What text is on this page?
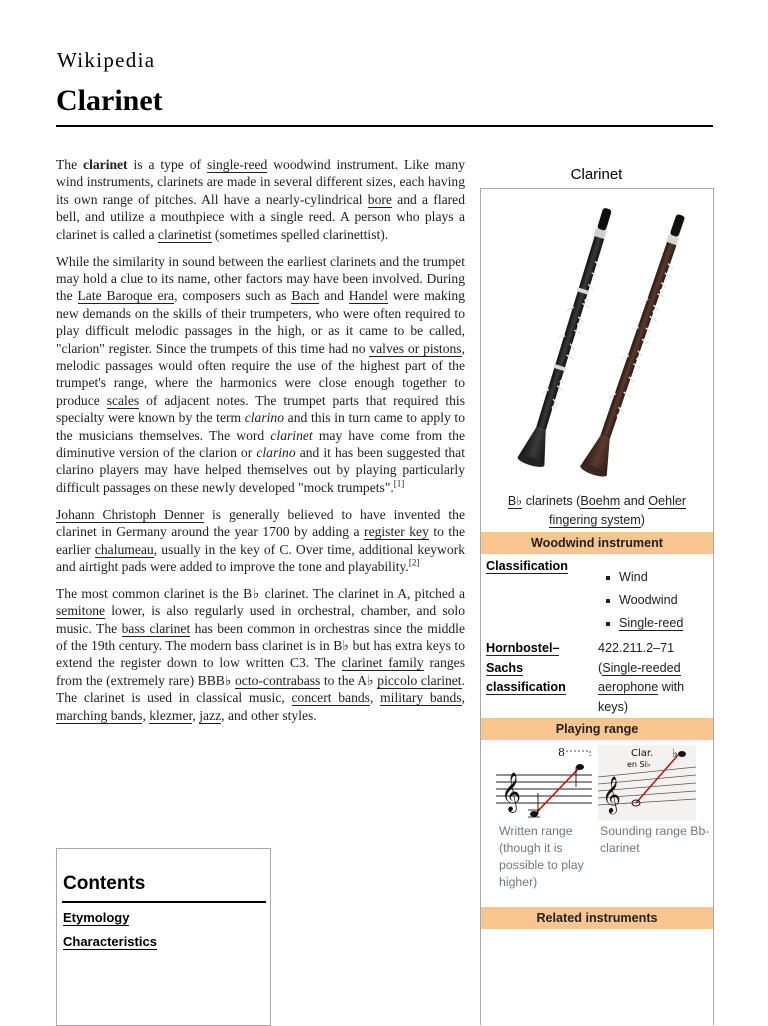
Wikipedia
Clarinet

The clarinet is a type of single-reed woodwind instrument. Like many wind instruments, clarinets are made in several different sizes, each having its own range of pitches. All have a nearly-cylindrical bore and a flared bell, and utilize a mouthpiece with a single reed. A person who plays a clarinet is called a clarinetist (sometimes spelled clarinettist).

While the similarity in sound between the earliest clarinets and the trumpet may hold a clue to its name, other factors may have been involved. During the Late Baroque era, composers such as Bach and Handel were making new demands on the skills of their trumpeters, who were often required to play difficult melodic passages in the high, or as it came to be called, "clarion" register. Since the trumpets of this time had no valves or pistons, melodic passages would often require the use of the highest part of the trumpet's range, where the harmonics were close enough together to produce scales of adjacent notes. The trumpet parts that required this specialty were known by the term clarino and this in turn came to apply to the musicians themselves. The word clarinet may have come from the diminutive version of the clarion or clarino and it has been suggested that clarino players may have helped themselves out by playing particularly difficult passages on these newly developed "mock trumpets".[1]

Johann Christoph Denner is generally believed to have invented the clarinet in Germany around the year 1700 by adding a register key to the earlier chalumeau, usually in the key of C. Over time, additional keywork and airtight pads were added to improve the tone and playability.[2]

The most common clarinet is the B♭ clarinet. The clarinet in A, pitched a semitone lower, is also regularly used in orchestral, chamber, and solo music. The bass clarinet has been common in orchestras since the middle of the 19th century. The modern bass clarinet is in B♭ but has extra keys to extend the register down to low written C3. The clarinet family ranges from the (extremely rare) BBB♭ octo-contrabass to the A♭ piccolo clarinet. The clarinet is used in classical music, concert bands, military bands, marching bands, klezmer, jazz, and other styles.

Contents
Etymology
Characteristics
Clarinet
B♭ clarinets (Boehm and Oehler
fingering system)
Woodwind instrument
Classification
Wind
Woodwind
Single-reed
Hornbostel–
Sachs
classification
422.211.2–71
(Single-reeded
aerophone with
keys)
Playing range
𝄞
8
Written range (though it is possible to play higher)
Clar.
en Si♭
𝄞
♭
Sounding range Bb-clarinet
Related instruments
